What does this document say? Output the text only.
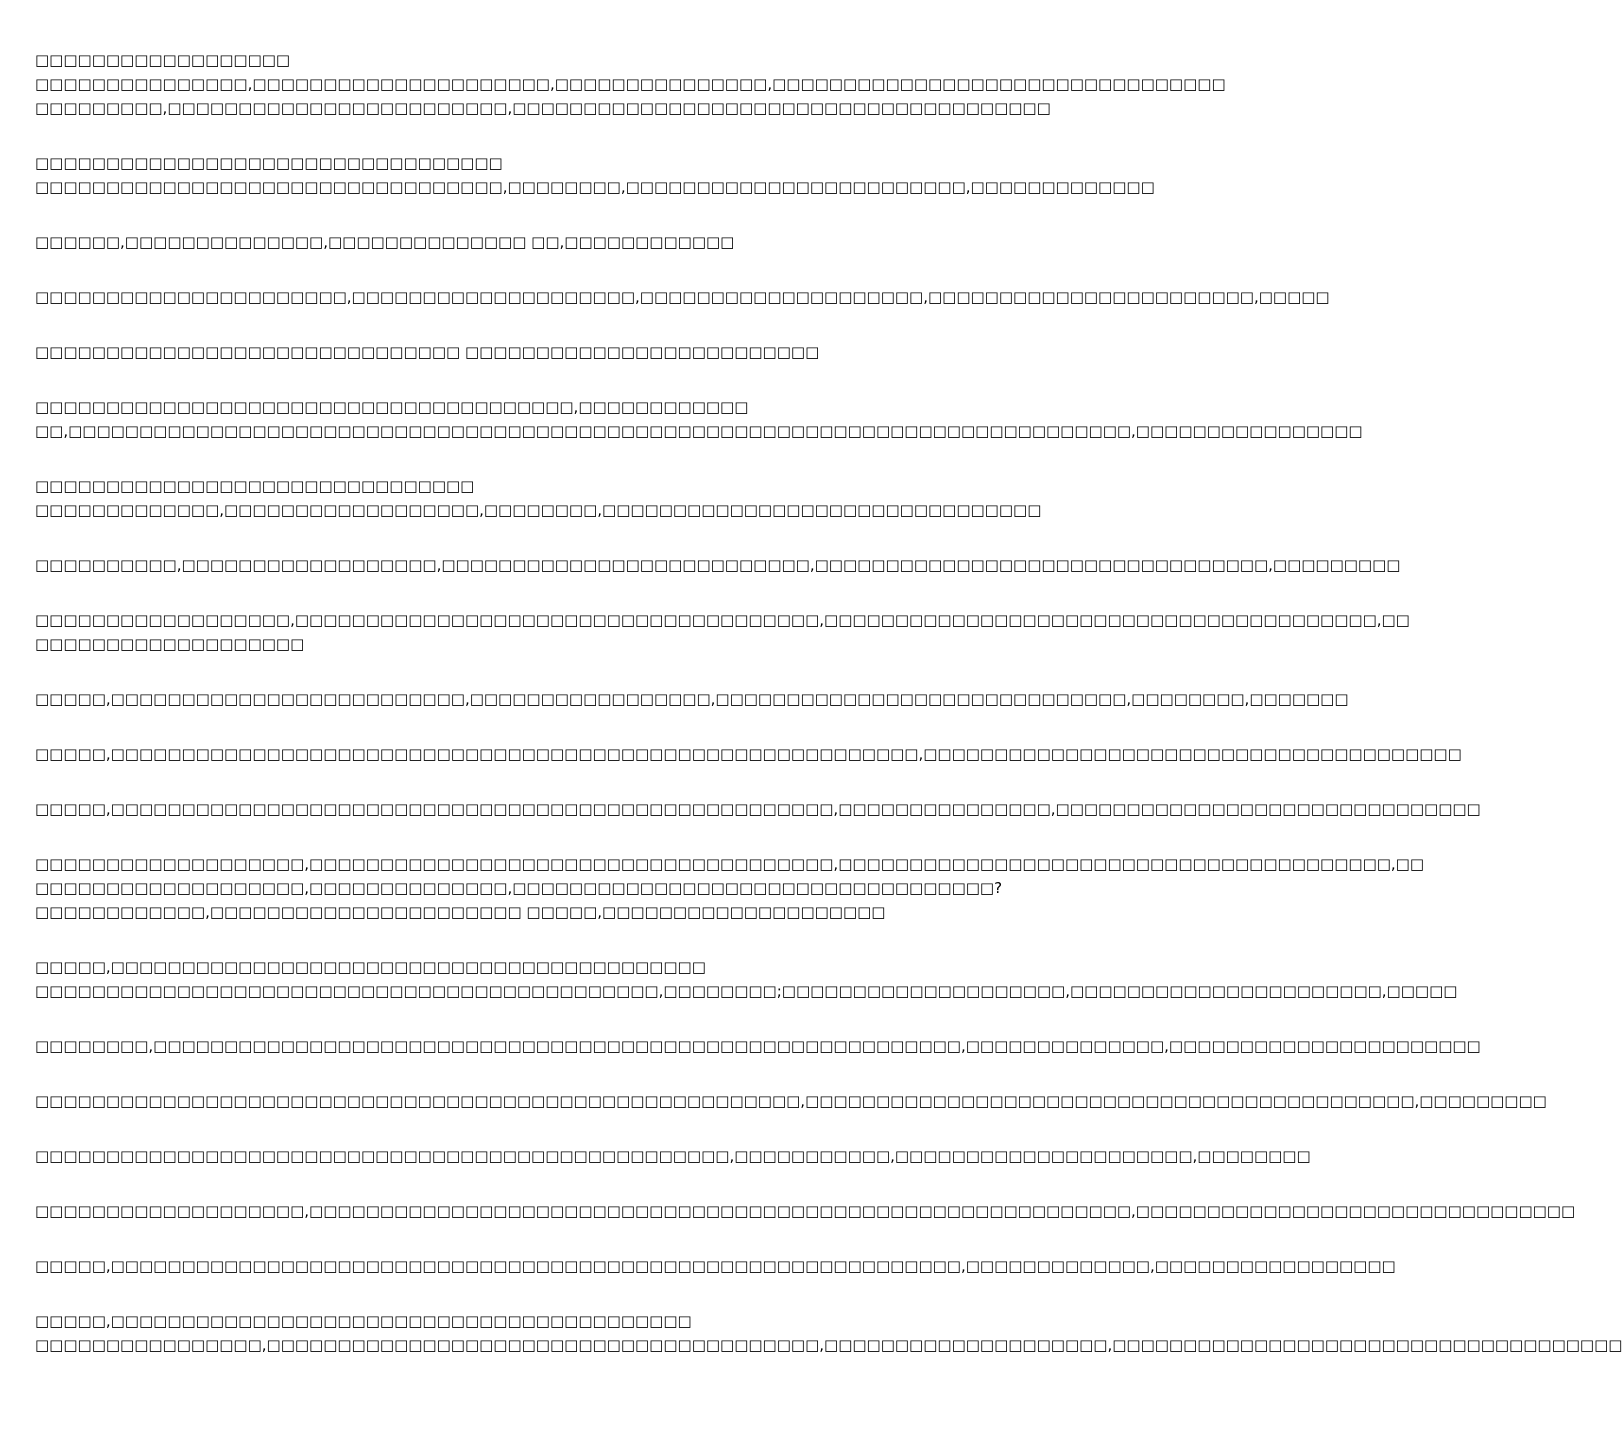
□□□□□□□□□□□□□□□□□□
□□□□□□□□□□□□□□□,□□□□□□□□□□□□□□□□□□□□□,□□□□□□□□□□□□□□□,□□□□□□□□□□□□□□□□□□□□□□□□□□□□□□□□
□□□□□□□□□,□□□□□□□□□□□□□□□□□□□□□□□□,□□□□□□□□□□□□□□□□□□□□□□□□□□□□□□□□□□□□□□
□□□□□□□□□□□□□□□□□□□□□□□□□□□□□□□□□
□□□□□□□□□□□□□□□□□□□□□□□□□□□□□□□□□,□□□□□□□□,□□□□□□□□□□□□□□□□□□□□□□□□,□□□□□□□□□□□□□
□□□□□□,□□□□□□□□□□□□□□,□□□□□□□□□□□□□□ □□,□□□□□□□□□□□□
□□□□□□□□□□□□□□□□□□□□□□,□□□□□□□□□□□□□□□□□□□□,□□□□□□□□□□□□□□□□□□□□,□□□□□□□□□□□□□□□□□□□□□□□,□□□□□
□□□□□□□□□□□□□□□□□□□□□□□□□□□□□□ □□□□□□□□□□□□□□□□□□□□□□□□□
□□□□□□□□□□□□□□□□□□□□□□□□□□□□□□□□□□□□□□,□□□□□□□□□□□□
□□,□□□□□□□□□□□□□□□□□□□□□□□□□□□□□□□□□□□□□□□□□□□□□□□□□□□□□□□□□□□□□□□□□□□□□□□□□□□,□□□□□□□□□□□□□□□□
□□□□□□□□□□□□□□□□□□□□□□□□□□□□□□□
□□□□□□□□□□□□□,□□□□□□□□□□□□□□□□□□,□□□□□□□□,□□□□□□□□□□□□□□□□□□□□□□□□□□□□□□□
□□□□□□□□□□,□□□□□□□□□□□□□□□□□□,□□□□□□□□□□□□□□□□□□□□□□□□□□,□□□□□□□□□□□□□□□□□□□□□□□□□□□□□□□□,□□□□□□□□□
□□□□□□□□□□□□□□□□□□,□□□□□□□□□□□□□□□□□□□□□□□□□□□□□□□□□□□□□,□□□□□□□□□□□□□□□□□□□□□□□□□□□□□□□□□□□□□□□,□□
□□□□□□□□□□□□□□□□□□□
□□□□□,□□□□□□□□□□□□□□□□□□□□□□□□□,□□□□□□□□□□□□□□□□□,□□□□□□□□□□□□□□□□□□□□□□□□□□□□□,□□□□□□□□,□□□□□□□
□□□□□,□□□□□□□□□□□□□□□□□□□□□□□□□□□□□□□□□□□□□□□□□□□□□□□□□□□□□□□□□,□□□□□□□□□□□□□□□□□□□□□□□□□□□□□□□□□□□□□□
□□□□□,□□□□□□□□□□□□□□□□□□□□□□□□□□□□□□□□□□□□□□□□□□□□□□□□□□□,□□□□□□□□□□□□□□□,□□□□□□□□□□□□□□□□□□□□□□□□□□□□□□
□□□□□□□□□□□□□□□□□□□,□□□□□□□□□□□□□□□□□□□□□□□□□□□□□□□□□□□□□,□□□□□□□□□□□□□□□□□□□□□□□□□□□□□□□□□□□□□□□,□□
□□□□□□□□□□□□□□□□□□□,□□□□□□□□□□□□□□,□□□□□□□□□□□□□□□□□□□□□□□□□□□□□□□□□□?
□□□□□□□□□□□□,□□□□□□□□□□□□□□□□□□□□□□ □□□□□,□□□□□□□□□□□□□□□□□□□□
□□□□□,□□□□□□□□□□□□□□□□□□□□□□□□□□□□□□□□□□□□□□□□□□
□□□□□□□□□□□□□□□□□□□□□□□□□□□□□□□□□□□□□□□□□□□□,□□□□□□□□;□□□□□□□□□□□□□□□□□□□□,□□□□□□□□□□□□□□□□□□□□□□,□□□□□
□□□□□□□□,□□□□□□□□□□□□□□□□□□□□□□□□□□□□□□□□□□□□□□□□□□□□□□□□□□□□□□□□□,□□□□□□□□□□□□□□,□□□□□□□□□□□□□□□□□□□□□□
□□□□□□□□□□□□□□□□□□□□□□□□□□□□□□□□□□□□□□□□□□□□□□□□□□□□□□,□□□□□□□□□□□□□□□□□□□□□□□□□□□□□□□□□□□□□□□□□□□,□□□□□□□□□
□□□□□□□□□□□□□□□□□□□□□□□□□□□□□□□□□□□□□□□□□□□□□□□□□,□□□□□□□□□□□,□□□□□□□□□□□□□□□□□□□□□,□□□□□□□□
□□□□□□□□□□□□□□□□□□□,□□□□□□□□□□□□□□□□□□□□□□□□□□□□□□□□□□□□□□□□□□□□□□□□□□□□□□□□□□,□□□□□□□□□□□□□□□□□□□□□□□□□□□□□□□
□□□□□,□□□□□□□□□□□□□□□□□□□□□□□□□□□□□□□□□□□□□□□□□□□□□□□□□□□□□□□□□□□□,□□□□□□□□□□□□□,□□□□□□□□□□□□□□□□□
□□□□□,□□□□□□□□□□□□□□□□□□□□□□□□□□□□□□□□□□□□□□□□□
□□□□□□□□□□□□□□□□,□□□□□□□□□□□□□□□□□□□□□□□□□□□□□□□□□□□□□□□,□□□□□□□□□□□□□□□□□□□□,□□□□□□□□□□□□□□□□□□□□□□□□□□□□□□□□□□□□
